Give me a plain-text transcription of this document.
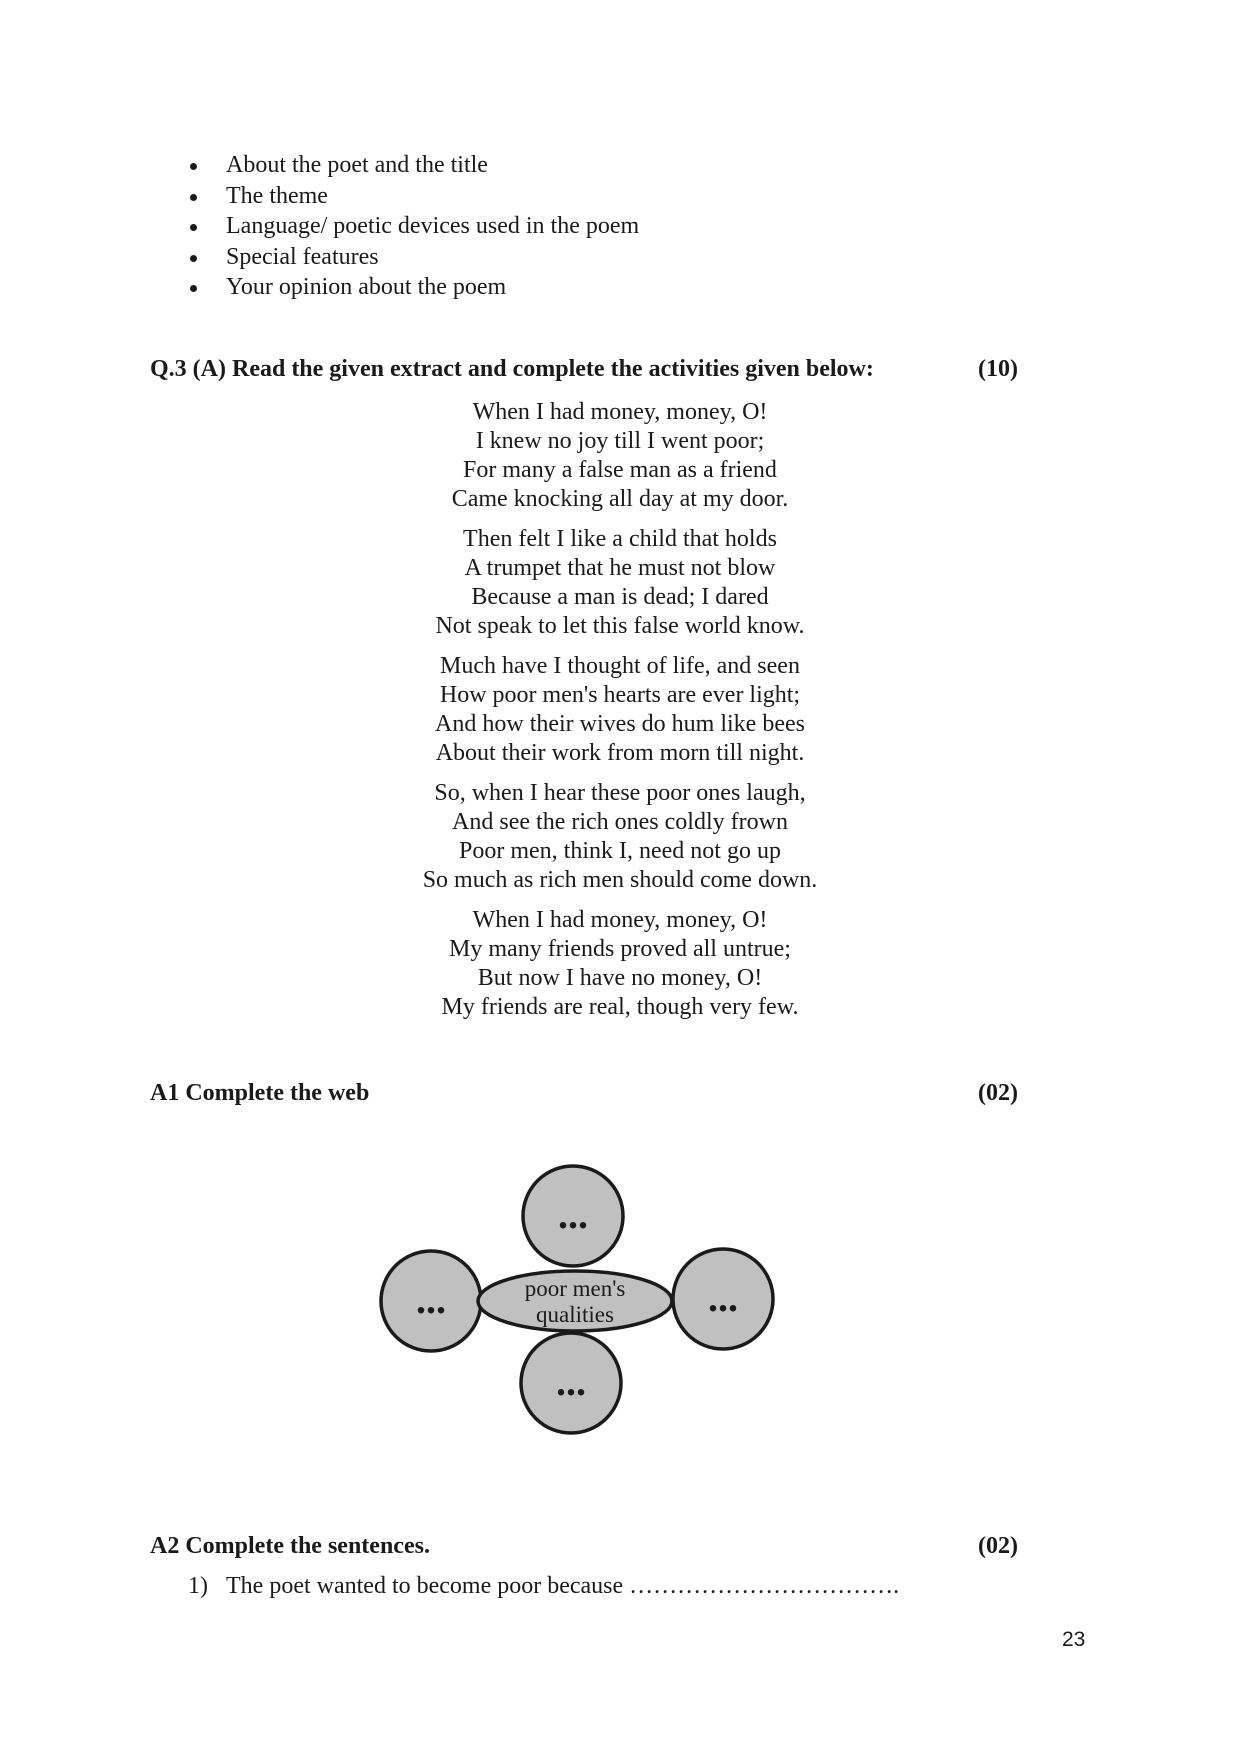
About the poet and the title
The theme
Language/ poetic devices used in the poem
Special features
Your opinion about the poem
Q.3 (A) Read the given extract and complete the activities given below:	(10)
When I had money, money, O!
I knew no joy till I went poor;
For many a false man as a friend
Came knocking all day at my door.
Then felt I like a child that holds
A trumpet that he must not blow
Because a man is dead; I dared
Not speak to let this false world know.
Much have I thought of life, and seen
How poor men's hearts are ever light;
And how their wives do hum like bees
About their work from morn till night.
So, when I hear these poor ones laugh,
And see the rich ones coldly frown
Poor men, think I, need not go up
So much as rich men should come down.
When I had money, money, O!
My many friends proved all untrue;
But now I have no money, O!
My friends are real, though very few.
A1 Complete the web	(02)
poor men's
qualities
...
...	...
...
A2 Complete the sentences.	(02)
1) The poet wanted to become poor because …………………………….
23
